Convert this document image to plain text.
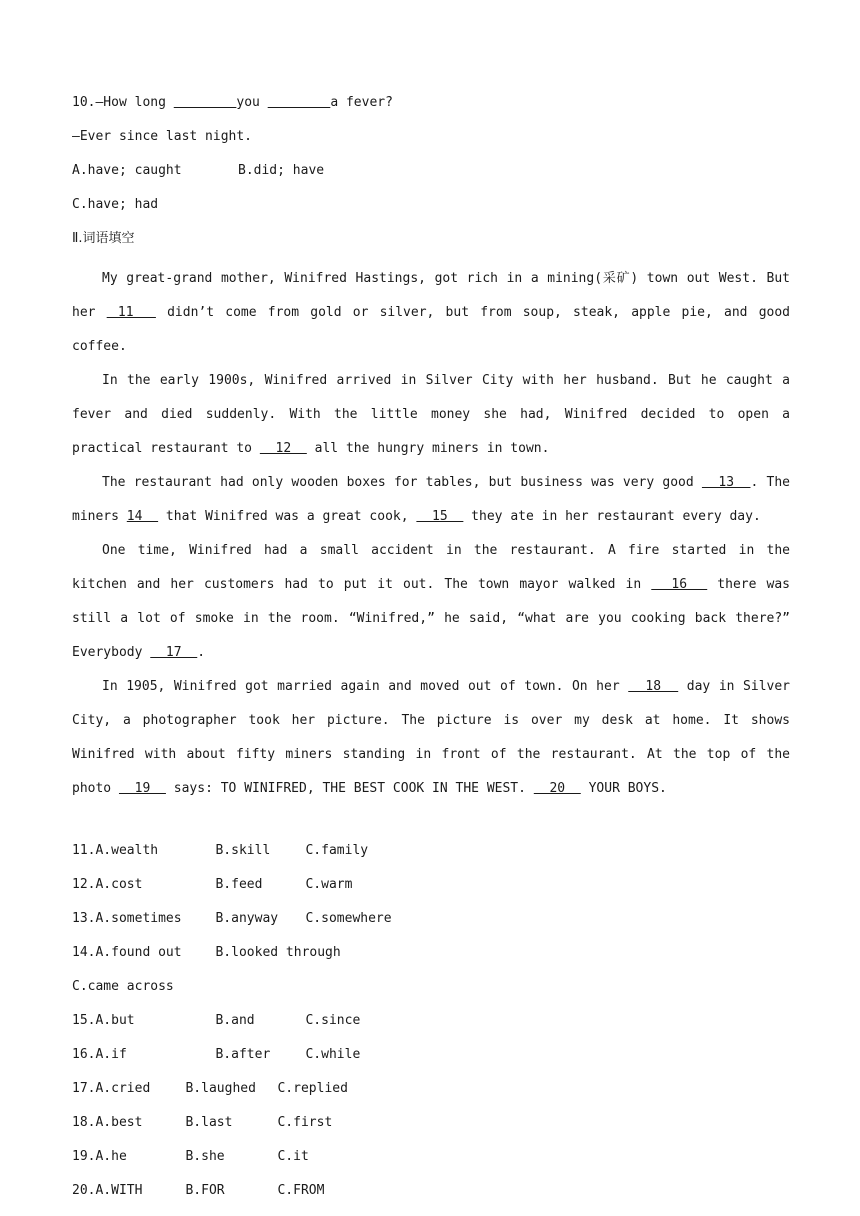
10.—How long	you	a fever?
—Ever since last night.
A.have; caught	B.did; have
C.have; had
Ⅱ.词语填空

My great-grand mother, Winifred Hastings, got rich in a mining(采矿) town out West. But her  11   didn’t come from gold or silver, but from soup, steak, apple pie, and good coffee.

In the early 1900s, Winifred arrived in Silver City with her husband. But he caught a fever and died suddenly. With the little money she had, Winifred decided to open a practical restaurant to   12   all the hungry miners in town.

The restaurant had only wooden boxes for tables, but business was very good   13  . The miners 14   that Winifred was a great cook,   15   they ate in her restaurant every day.

One time, Winifred had a small accident in the restaurant. A fire started in the kitchen and her customers had to put it out. The town mayor walked in   16   there was still a lot of smoke in the room. “Winifred,” he said, “what are you cooking back there?” Everybody   17  .

In 1905, Winifred got married again and moved out of town. On her   18   day in Silver City, a photographer took her picture. The picture is over my desk at home. It shows Winifred with about fifty miners standing in front of the restaurant. At the top of the photo   19   says: TO WINIFRED, THE BEST COOK IN THE WEST.   20   YOUR BOYS.

11.A.wealth	B.skill	C.family
12.A.cost	B.feed	C.warm
13.A.sometimes	B.anyway C.somewhere
14.A.found out	B.looked through
C.came across
15.A.but	B.and	C.since
16.A.if	B.after	C.while
17.A.cried	B.laughed C.replied
18.A.best	B.last	C.first
19.A.he	B.she	C.it
20.A.WITH	B.FOR	C.FROM
